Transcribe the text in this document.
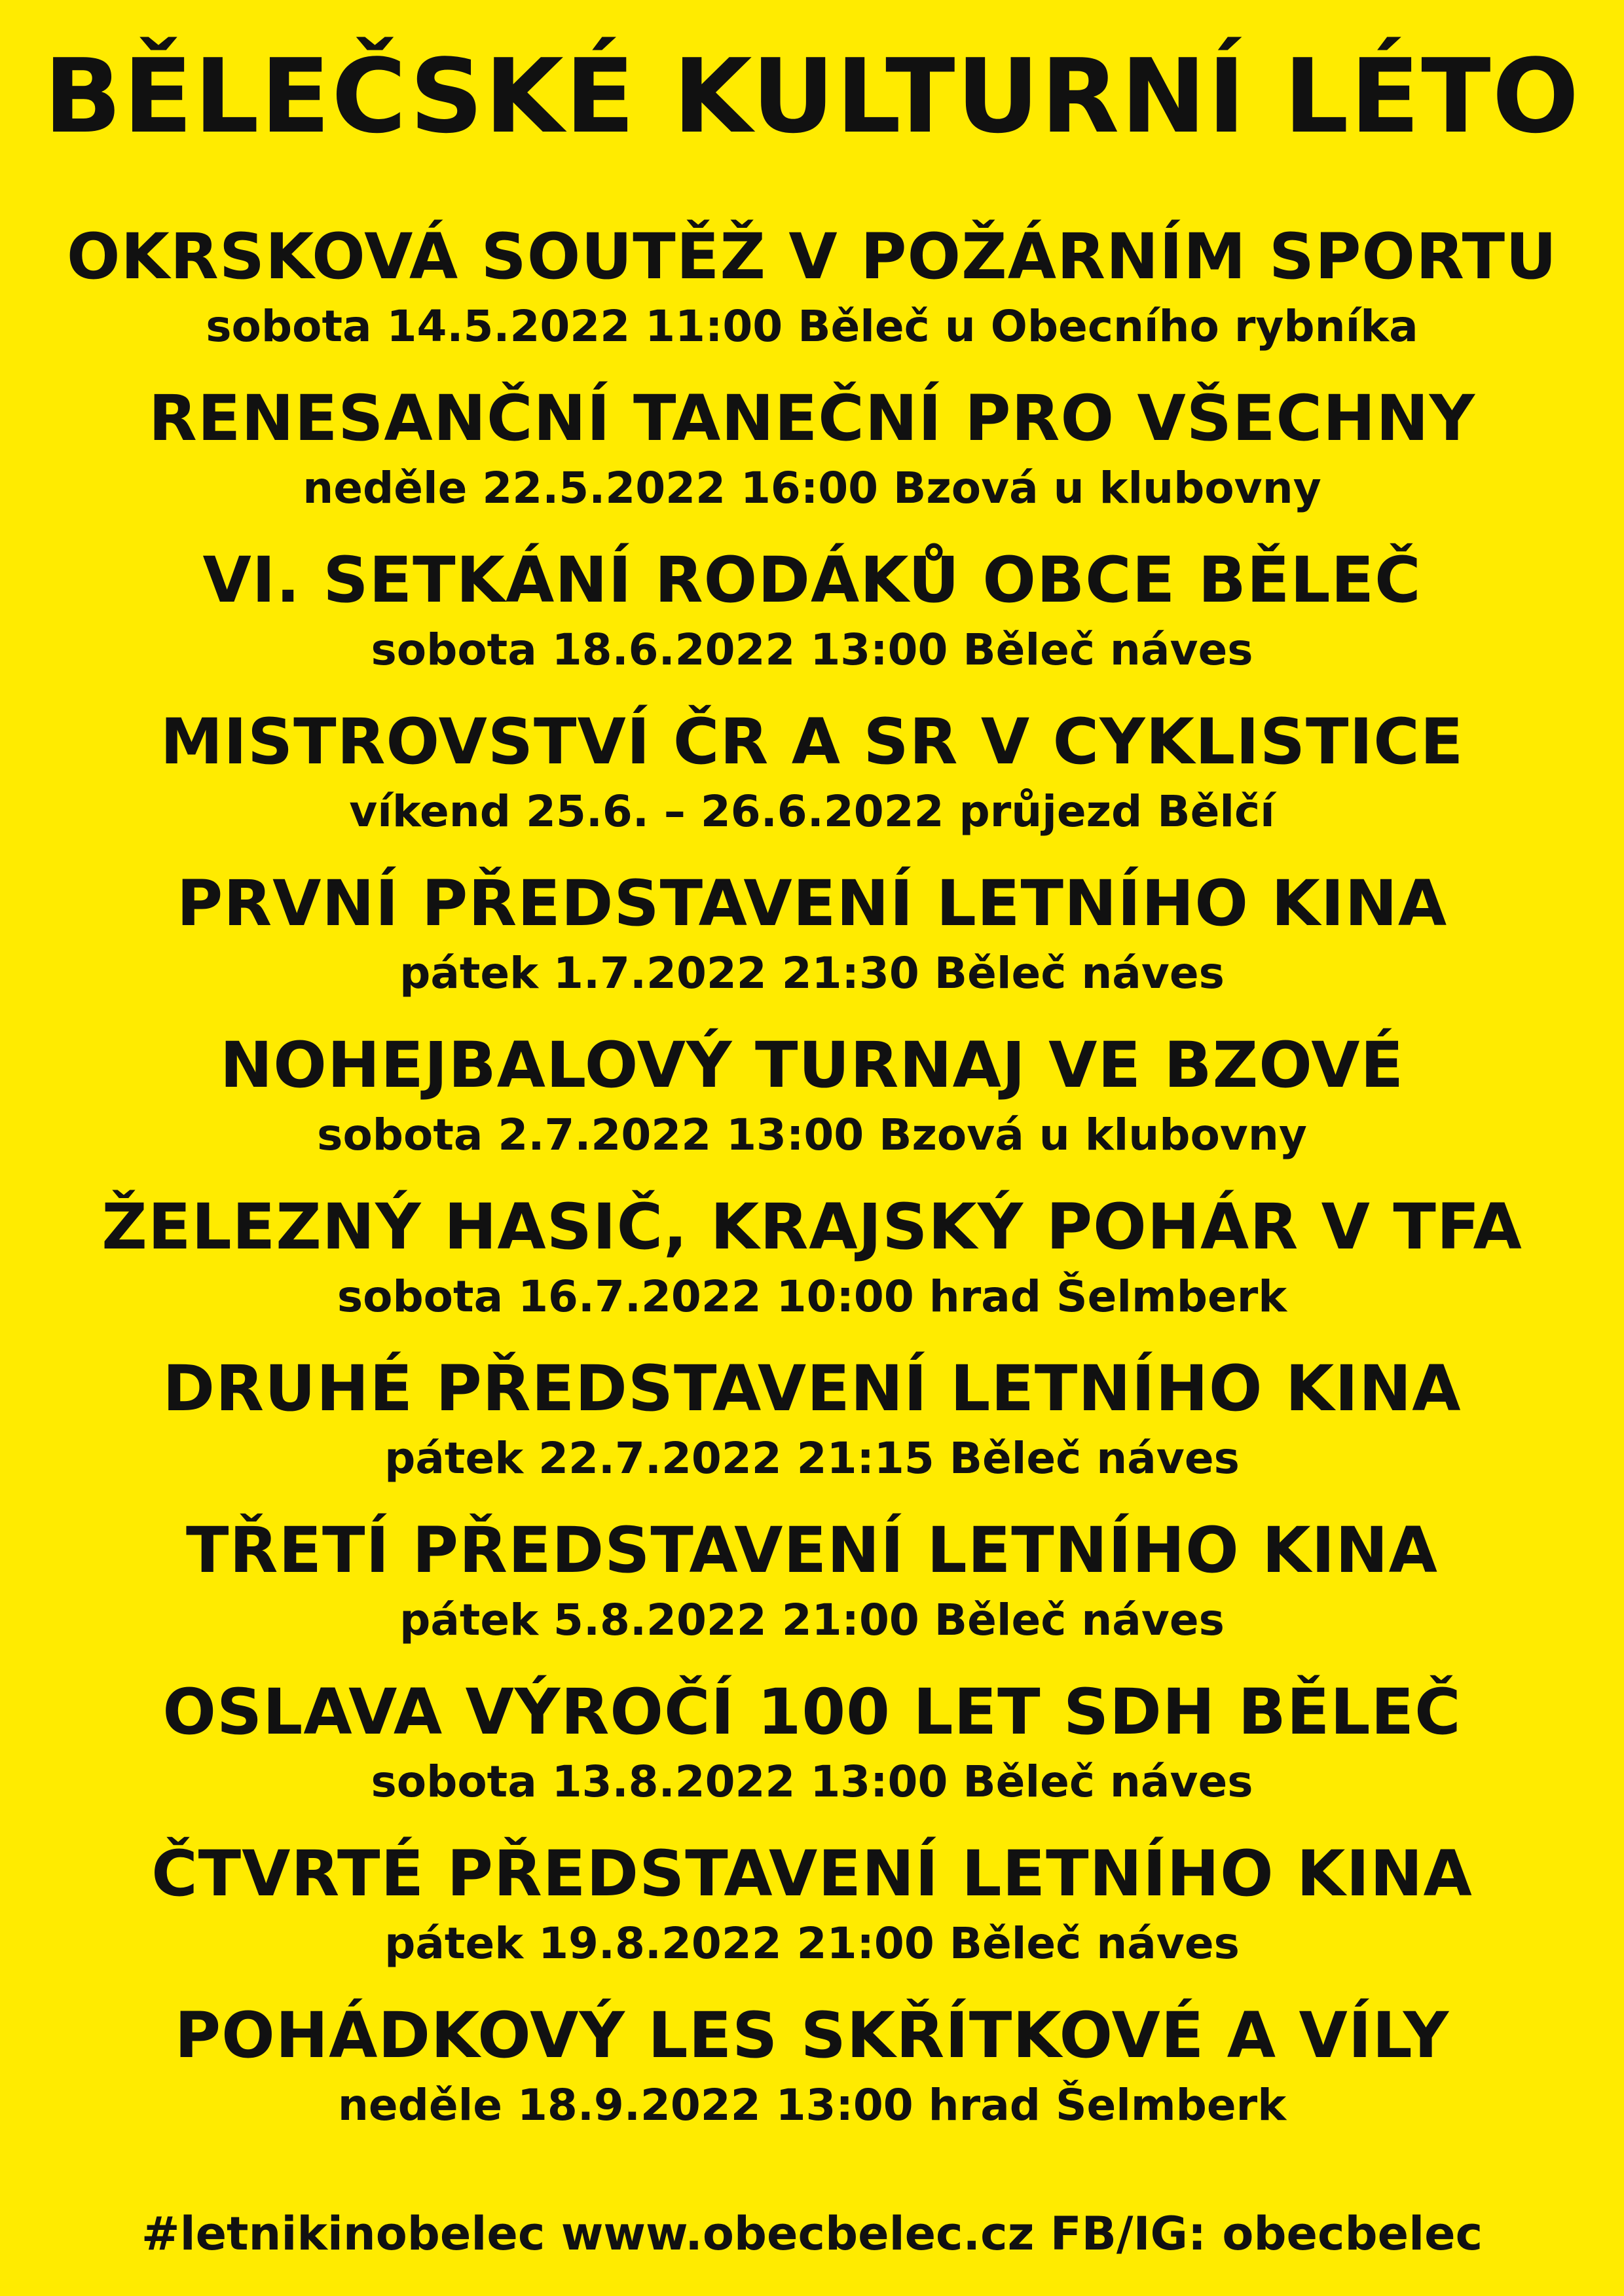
BĚLEČSKÉ KULTURNÍ LÉTO
OKRSKOVÁ SOUTĚŽ V POŽÁRNÍM SPORTU
sobota 14.5.2022 11:00 Běleč u Obecního rybníka
RENESANČNÍ TANEČNÍ PRO VŠECHNY
neděle 22.5.2022 16:00 Bzová u klubovny
VI. SETKÁNÍ RODÁKŮ OBCE BĚLEČ
sobota 18.6.2022 13:00 Běleč náves
MISTROVSTVÍ ČR A SR V CYKLISTICE
víkend 25.6. – 26.6.2022 průjezd Bělčí
PRVNÍ PŘEDSTAVENÍ LETNÍHO KINA
pátek 1.7.2022 21:30 Běleč náves
NOHEJBALOVÝ TURNAJ VE BZOVÉ
sobota 2.7.2022 13:00 Bzová u klubovny
ŽELEZNÝ HASIČ, KRAJSKÝ POHÁR V TFA
sobota 16.7.2022 10:00 hrad Šelmberk
DRUHÉ PŘEDSTAVENÍ LETNÍHO KINA
pátek 22.7.2022 21:15 Běleč náves
TŘETÍ PŘEDSTAVENÍ LETNÍHO KINA
pátek 5.8.2022 21:00 Běleč náves
OSLAVA VÝROČÍ 100 LET SDH BĚLEČ
sobota 13.8.2022 13:00 Běleč náves
ČTVRTÉ PŘEDSTAVENÍ LETNÍHO KINA
pátek 19.8.2022 21:00 Běleč náves
POHÁDKOVÝ LES SKŘÍTKOVÉ A VÍLY
neděle 18.9.2022 13:00 hrad Šelmberk
#letnikinobelec www.obecbelec.cz FB/IG: obecbelec
